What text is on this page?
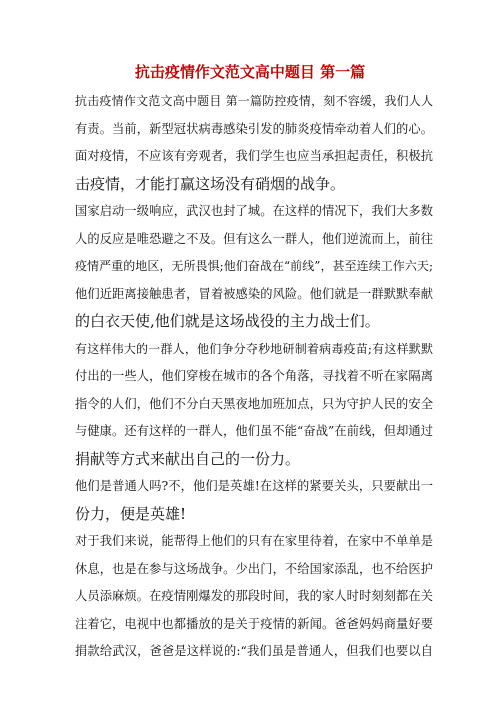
抗击疫情作文范文高中题目 第一篇
抗击疫情作文范文高中题目 第一篇防控疫情，刻不容缓，我们人人
有责。当前，新型冠状病毒感染引发的肺炎疫情牵动着人们的心。
面对疫情，不应该有旁观者，我们学生也应当承担起责任，积极抗
击疫情，才能打赢这场没有硝烟的战争。
国家启动一级响应，武汉也封了城。在这样的情况下，我们大多数
人的反应是唯恐避之不及。但有这么一群人，他们逆流而上，前往
疫情严重的地区，无所畏惧;他们奋战在“前线”，甚至连续工作六天;
他们近距离接触患者，冒着被感染的风险。他们就是一群默默奉献
的白衣天使,他们就是这场战役的主力战士们。
有这样伟大的一群人，他们争分夺秒地研制着病毒疫苗;有这样默默
付出的一些人，他们穿梭在城市的各个角落，寻找着不听在家隔离
指令的人们，他们不分白天黑夜地加班加点，只为守护人民的安全
与健康。还有这样的一群人，他们虽不能“奋战”在前线，但却通过
捐献等方式来献出自己的一份力。
他们是普通人吗?不，他们是英雄!在这样的紧要关头，只要献出一
份力，便是英雄!
对于我们来说，能帮得上他们的只有在家里待着，在家中不单单是
休息，也是在参与这场战争。少出门，不给国家添乱，也不给医护
人员添麻烦。在疫情刚爆发的那段时间，我的家人时时刻刻都在关
注着它，电视中也都播放的是关于疫情的新闻。爸爸妈妈商量好要
捐款给武汉，爸爸是这样说的:“我们虽是普通人，但我们也要以自
